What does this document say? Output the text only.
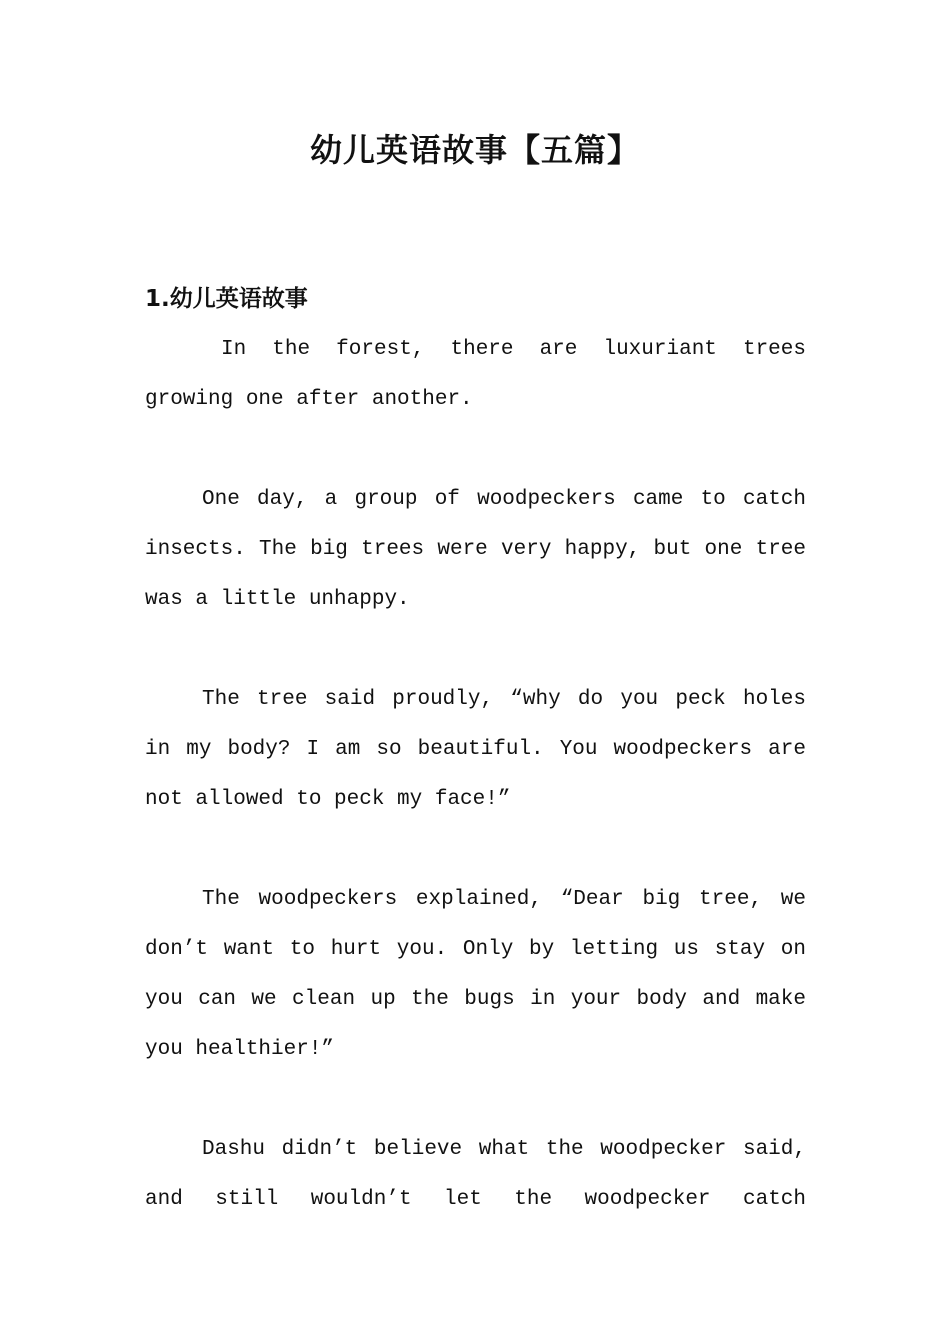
幼儿英语故事【五篇】
1.幼儿英语故事

In the forest, there are luxuriant trees growing one after another.

One day, a group of woodpeckers came to catch insects. The big trees were very happy, but one tree was a little unhappy.

The tree said proudly, “why do you peck holes in my body? I am so beautiful. You woodpeckers are not allowed to peck my face!”

The woodpeckers explained, “Dear big tree, we don’t want to hurt you. Only by letting us stay on you can we clean up the bugs in your body and make you healthier!”

Dashu didn’t believe what the woodpecker said, and still wouldn’t let the woodpecker catch
